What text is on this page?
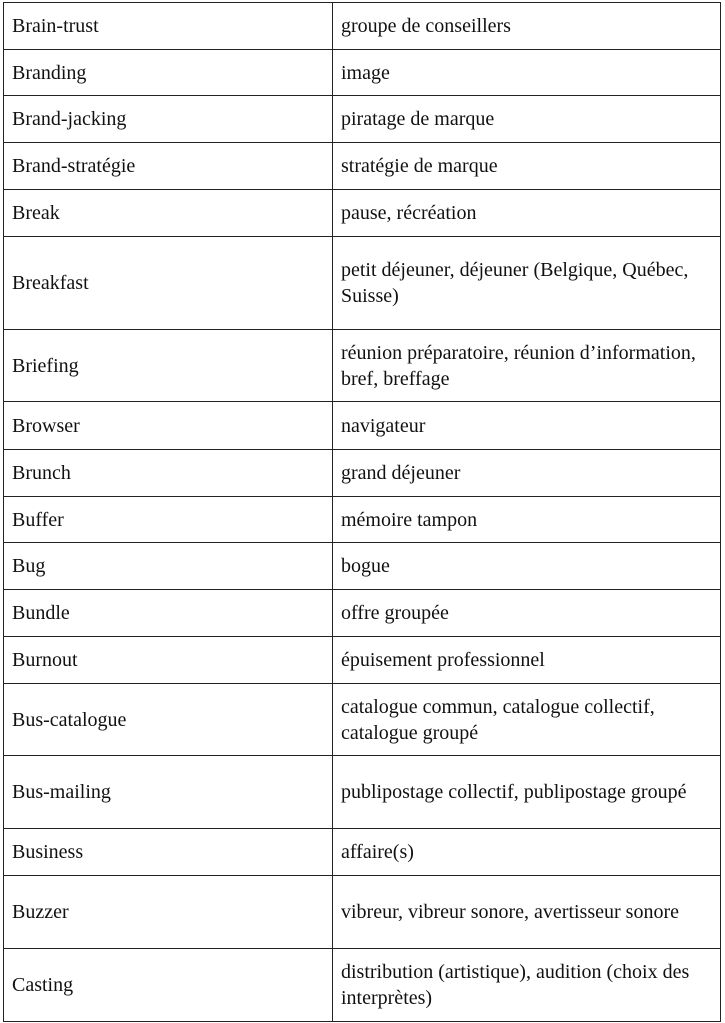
Brain-trust	groupe de conseillers
Branding	image
Brand-jacking	piratage de marque
Brand-stratégie	stratégie de marque
Break	pause, récréation
Breakfast	petit déjeuner, déjeuner (Belgique, Québec, Suisse)
Briefing	réunion préparatoire, réunion d’information, bref, breffage
Browser	navigateur
Brunch	grand déjeuner
Buffer	mémoire tampon
Bug	bogue
Bundle	offre groupée
Burnout	épuisement professionnel
Bus-catalogue	catalogue commun, catalogue collectif, catalogue groupé
Bus-mailing	publipostage collectif, publipostage groupé
Business	affaire(s)
Buzzer	vibreur, vibreur sonore, avertisseur sonore
Casting	distribution (artistique), audition (choix des interprètes)
